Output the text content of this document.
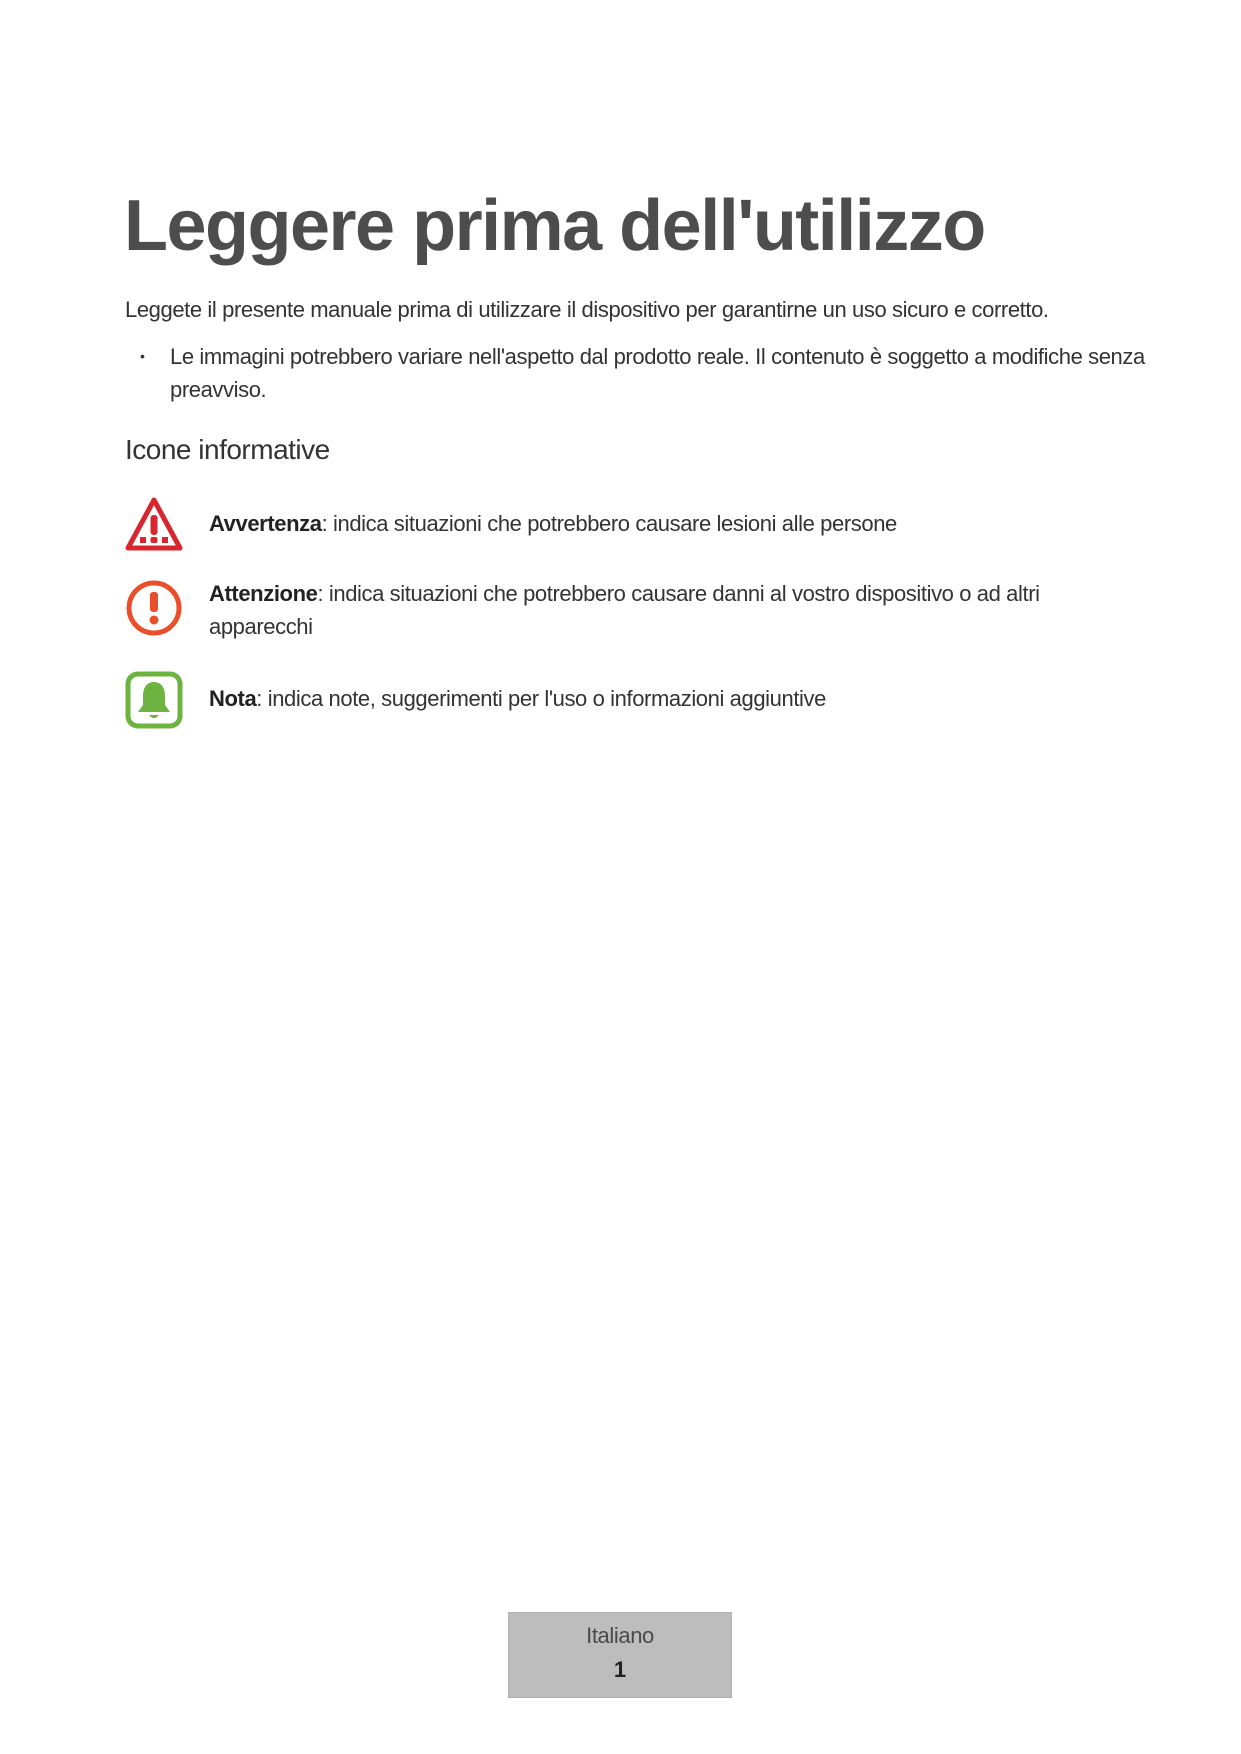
Leggere prima dell'utilizzo

Leggete il presente manuale prima di utilizzare il dispositivo per garantirne un uso sicuro e corretto.

• Le immagini potrebbero variare nell'aspetto dal prodotto reale. Il contenuto è soggetto a modifiche senza preavviso.
Icone informative
Avvertenza: indica situazioni che potrebbero causare lesioni alle persone
Attenzione: indica situazioni che potrebbero causare danni al vostro dispositivo o ad altri apparecchi
Nota: indica note, suggerimenti per l'uso o informazioni aggiuntive
Italiano
1
